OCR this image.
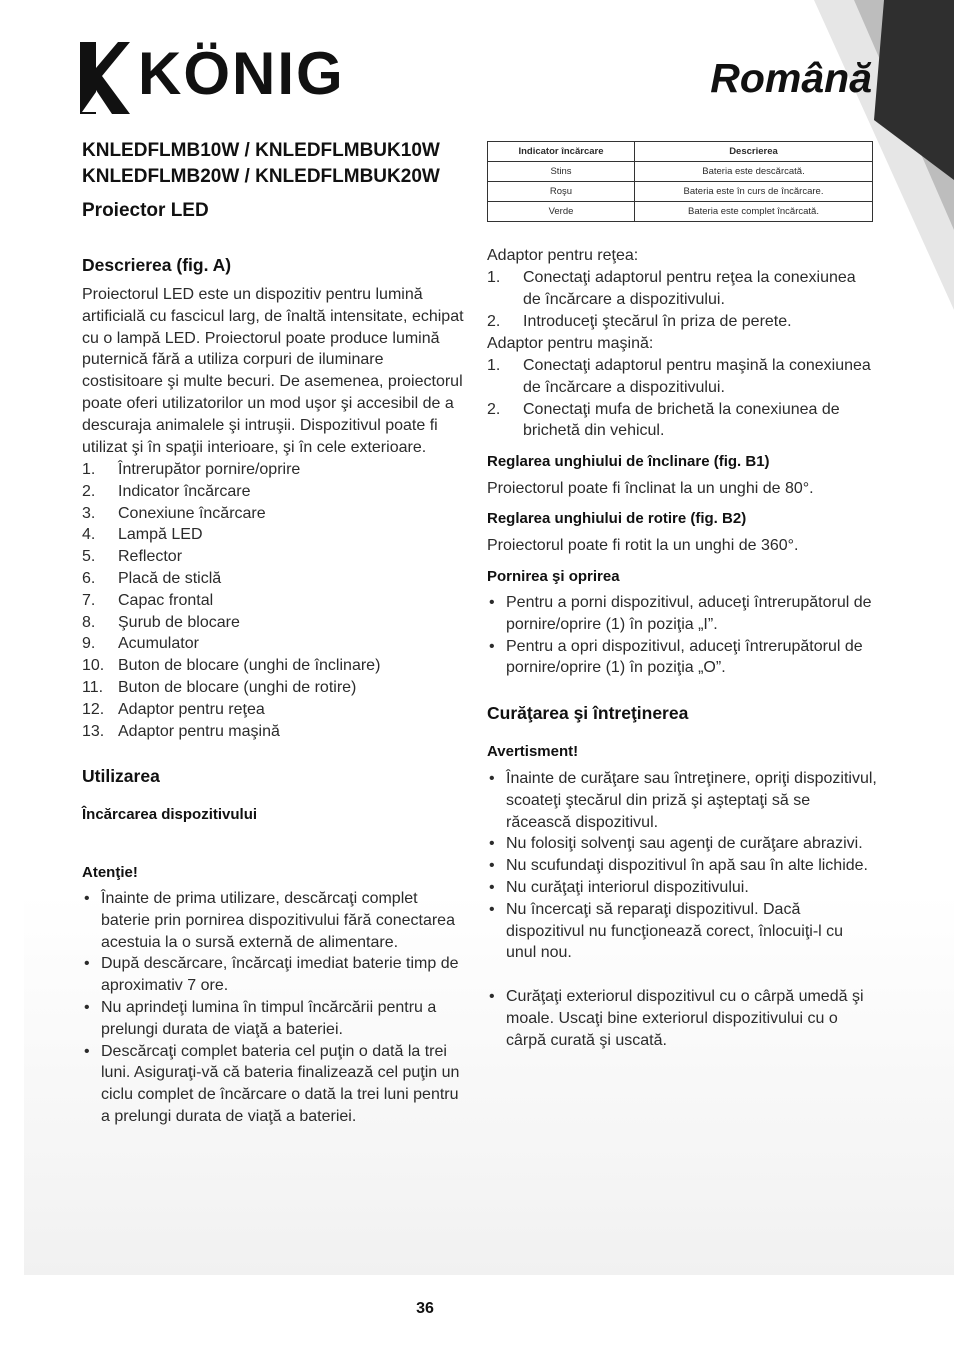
KÖNIG	Română
KNLEDFLMB10W / KNLEDFLMBUK10W
KNLEDFLMB20W / KNLEDFLMBUK20W
Proiector LED
Descrierea (fig. A)

Proiectorul LED este un dispozitiv pentru lumină artificială cu fascicul larg, de înaltă intensitate, echipat cu o lampă LED. Proiectorul poate produce lumină puternică fără a utiliza corpuri de iluminare costisitoare şi multe becuri. De asemenea, proiectorul poate oferi utilizatorilor un mod uşor şi accesibil de a descuraja animalele şi intruşii. Dispozitivul poate fi utilizat şi în spaţii interioare, şi în cele exterioare.

1. Întrerupător pornire/oprire
2. Indicator încărcare
3. Conexiune încărcare
4. Lampă LED
5. Reflector
6. Placă de sticlă
7. Capac frontal
8. Şurub de blocare
9. Acumulator
10. Buton de blocare (unghi de înclinare)
11. Buton de blocare (unghi de rotire)
12. Adaptor pentru reţea
13. Adaptor pentru maşină
Utilizarea
Încărcarea dispozitivului
Atenţie!
• Înainte de prima utilizare, descărcaţi complet baterie prin pornirea dispozitivului fără conectarea acestuia la o sursă externă de alimentare.
• După descărcare, încărcaţi imediat baterie timp de aproximativ 7 ore.
• Nu aprindeţi lumina în timpul încărcării pentru a prelungi durata de viaţă a bateriei.
• Descărcaţi complet bateria cel puţin o dată la trei luni. Asiguraţi-vă că bateria finalizează cel puţin un ciclu complet de încărcare o dată la trei luni pentru a prelungi durata de viaţă a bateriei.
Indicator încărcare	Descrierea
Stins	Bateria este descărcată.
Roşu	Bateria este în curs de încărcare.
Verde	Bateria este complet încărcată.

Adaptor pentru reţea:

1. Conectaţi adaptorul pentru reţea la conexiunea de încărcare a dispozitivului.
2. Introduceţi ştecărul în priza de perete.

Adaptor pentru maşină:

1. Conectaţi adaptorul pentru maşină la conexiunea de încărcare a dispozitivului.
2. Conectaţi mufa de brichetă la conexiunea de brichetă din vehicul.
Reglarea unghiului de înclinare (fig. B1)

Proiectorul poate fi înclinat la un unghi de 80°.

Reglarea unghiului de rotire (fig. B2)

Proiectorul poate fi rotit la un unghi de 360°.

Pornirea şi oprirea
• Pentru a porni dispozitivul, aduceţi întrerupătorul de pornire/oprire (1) în poziţia „I”.
• Pentru a opri dispozitivul, aduceţi întrerupătorul de pornire/oprire (1) în poziţia „O”.
Curăţarea şi întreţinerea
Avertisment!
• Înainte de curăţare sau întreţinere, opriţi dispozitivul, scoateţi ştecărul din priză şi aşteptaţi să se răcească dispozitivul.
• Nu folosiţi solvenţi sau agenţi de curăţare abrazivi.
• Nu scufundaţi dispozitivul în apă sau în alte lichide.
• Nu curăţaţi interiorul dispozitivului.
• Nu încercaţi să reparaţi dispozitivul. Dacă dispozitivul nu funcţionează corect, înlocuiţi-l cu unul nou.
• Curăţaţi exteriorul dispozitivul cu o cârpă umedă şi moale. Uscaţi bine exteriorul dispozitivului cu o cârpă curată şi uscată.
36
